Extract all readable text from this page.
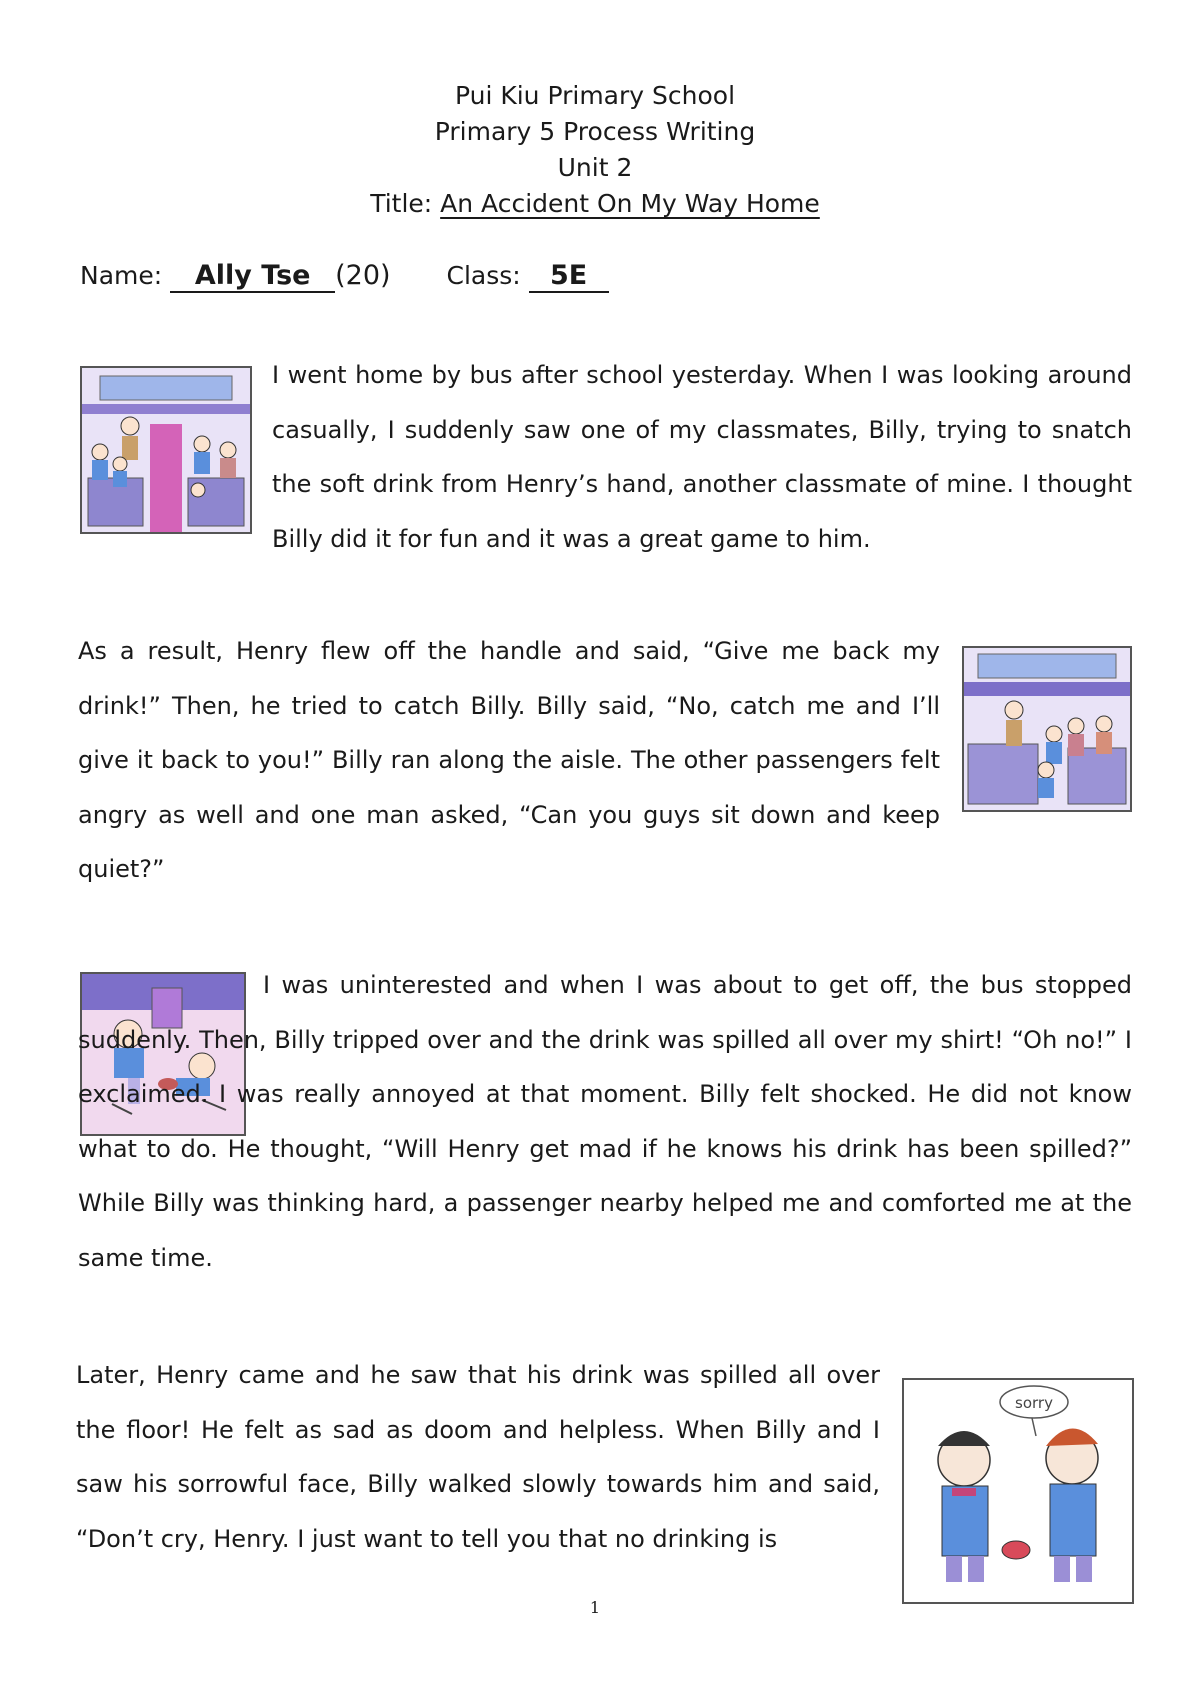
Pui Kiu Primary School
Primary 5 Process Writing
Unit 2
Title: An Accident On My Way Home
Name: Ally Tse (20) Class: 5E

I went home by bus after school yesterday. When I was looking around casually, I suddenly saw one of my classmates, Billy, trying to snatch the soft drink from Henry’s hand, another classmate of mine. I thought Billy did it for fun and it was a great game to him.

As a result, Henry flew off the handle and said, “Give me back my drink!” Then, he tried to catch Billy. Billy said, “No, catch me and I’ll give it back to you!” Billy ran along the aisle. The other passengers felt angry as well and one man asked, “Can you guys sit down and keep quiet?”

I was uninterested and when I was about to get off, the bus stopped suddenly. Then, Billy tripped over and the drink was spilled all over my shirt! “Oh no!” I exclaimed. I was really annoyed at that moment. Billy felt shocked. He did not know what to do. He thought, “Will Henry get mad if he knows his drink has been spilled?” While Billy was thinking hard, a passenger nearby helped me and comforted me at the same time.

Later, Henry came and he saw that his drink was spilled all over the floor! He felt as sad as doom and helpless. When Billy and I saw his sorrowful face, Billy walked slowly towards him and said, “Don’t cry, Henry. I just want to tell you that no drinking is

sorry
1
